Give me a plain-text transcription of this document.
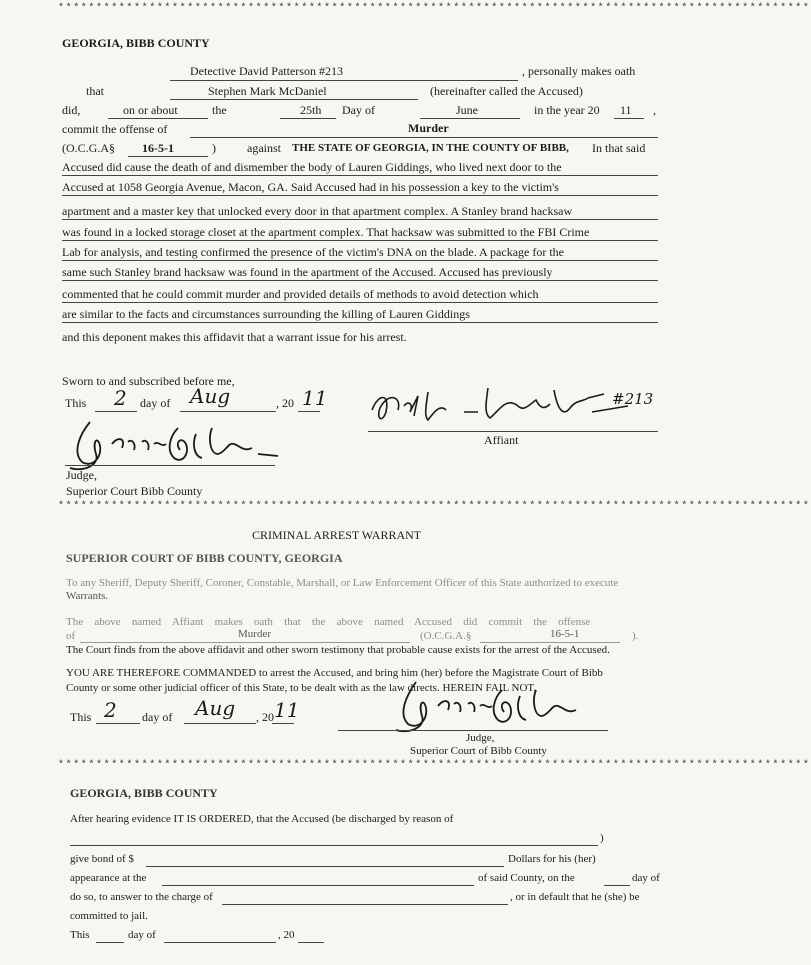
***************************************************************************************************
***************************************************************************************************
***************************************************************************************************
GEORGIA, BIBB COUNTY
Detective David Patterson #213	, personally makes oath
that	Stephen Mark McDaniel	(hereinafter called the Accused)
did,	on or about	the	25th Day of	June	in the year 20 11 ,
commit the offense of	Murder
(O.C.G.A§ 16-5-1	)	against THE STATE OF GEORGIA, IN THE COUNTY OF BIBB, In that said
Accused did cause the death of and dismember the body of Lauren Giddings, who lived next door to the
Accused at 1058 Georgia Avenue, Macon, GA. Said Accused had in his possession a key to the victim's
apartment and a master key that unlocked every door in that apartment complex. A Stanley brand hacksaw
was found in a locked storage closet at the apartment complex. That hacksaw was submitted to the FBI Crime
Lab for analysis, and testing confirmed the presence of the victim's DNA on the blade. A package for the
same such Stanley brand hacksaw was found in the apartment of the Accused. Accused has previously
commented that he could commit murder and provided details of methods to avoid detection which
are similar to the facts and circumstances surrounding the killing of Lauren Giddings
and this deponent makes this affidavit that a warrant issue for his arrest.
Sworn to and subscribed before me,
This 2 day of Aug	, 20 11	#213
Affiant
Judge,
Superior Court Bibb County
CRIMINAL ARREST WARRANT
SUPERIOR COURT OF BIBB COUNTY, GEORGIA
To any Sheriff, Deputy Sheriff, Coroner, Constable, Marshall, or Law Enforcement Officer of this State authorized to execute
Warrants.
The above named Affiant makes oath that the above named Accused did commit the offense
of	Murder	(O.C.G.A.§	16-5-1	).
The Court finds from the above affidavit and other sworn testimony that probable cause exists for the arrest of the Accused.
YOU ARE THEREFORE COMMANDED to arrest the Accused, and bring him (her) before the Magistrate Court of Bibb
County or some other judicial officer of this State, to be dealt with as the law directs. HEREIN FAIL NOT.
This 2 day of Aug , 20 11
Judge,
Superior Court of Bibb County
GEORGIA, BIBB COUNTY
After hearing evidence IT IS ORDERED, that the Accused (be discharged by reason of
)
give bond of $	Dollars for his (her)
appearance at the	of said County, on the	day of
do so, to answer to the charge of	, or in default that he (she) be
committed to jail.
This	day of	, 20
